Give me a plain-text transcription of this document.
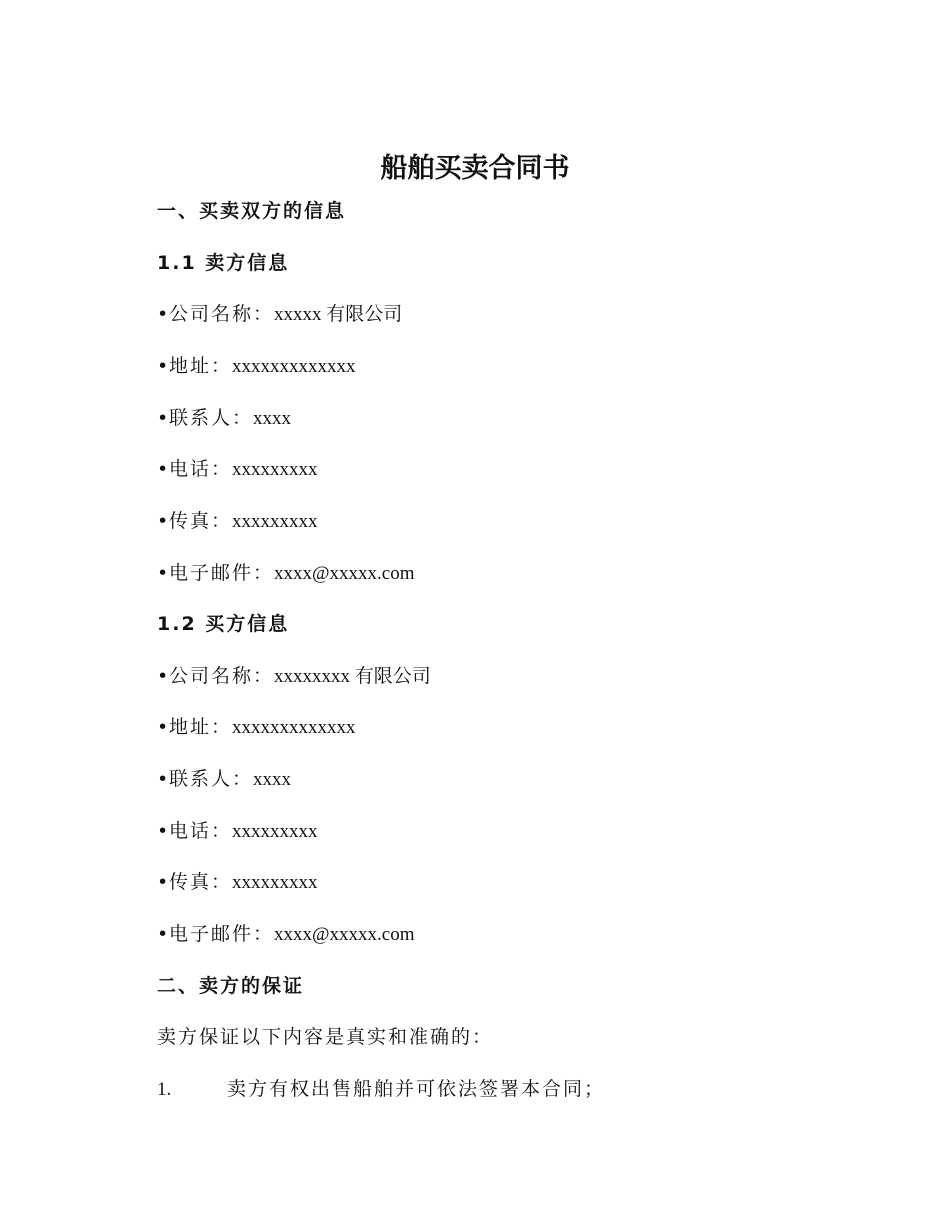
船舶买卖合同书
一、买卖双方的信息
1.1 卖方信息
•公司名称：xxxxx 有限公司
•地址：xxxxxxxxxxxxx
•联系人：xxxx
•电话：xxxxxxxxx
•传真：xxxxxxxxx
•电子邮件：xxxx@xxxxx.com
1.2 买方信息
•公司名称：xxxxxxxx 有限公司
•地址：xxxxxxxxxxxxx
•联系人：xxxx
•电话：xxxxxxxxx
•传真：xxxxxxxxx
•电子邮件：xxxx@xxxxx.com
二、卖方的保证
卖方保证以下内容是真实和准确的：
1.	卖方有权出售船舶并可依法签署本合同；
